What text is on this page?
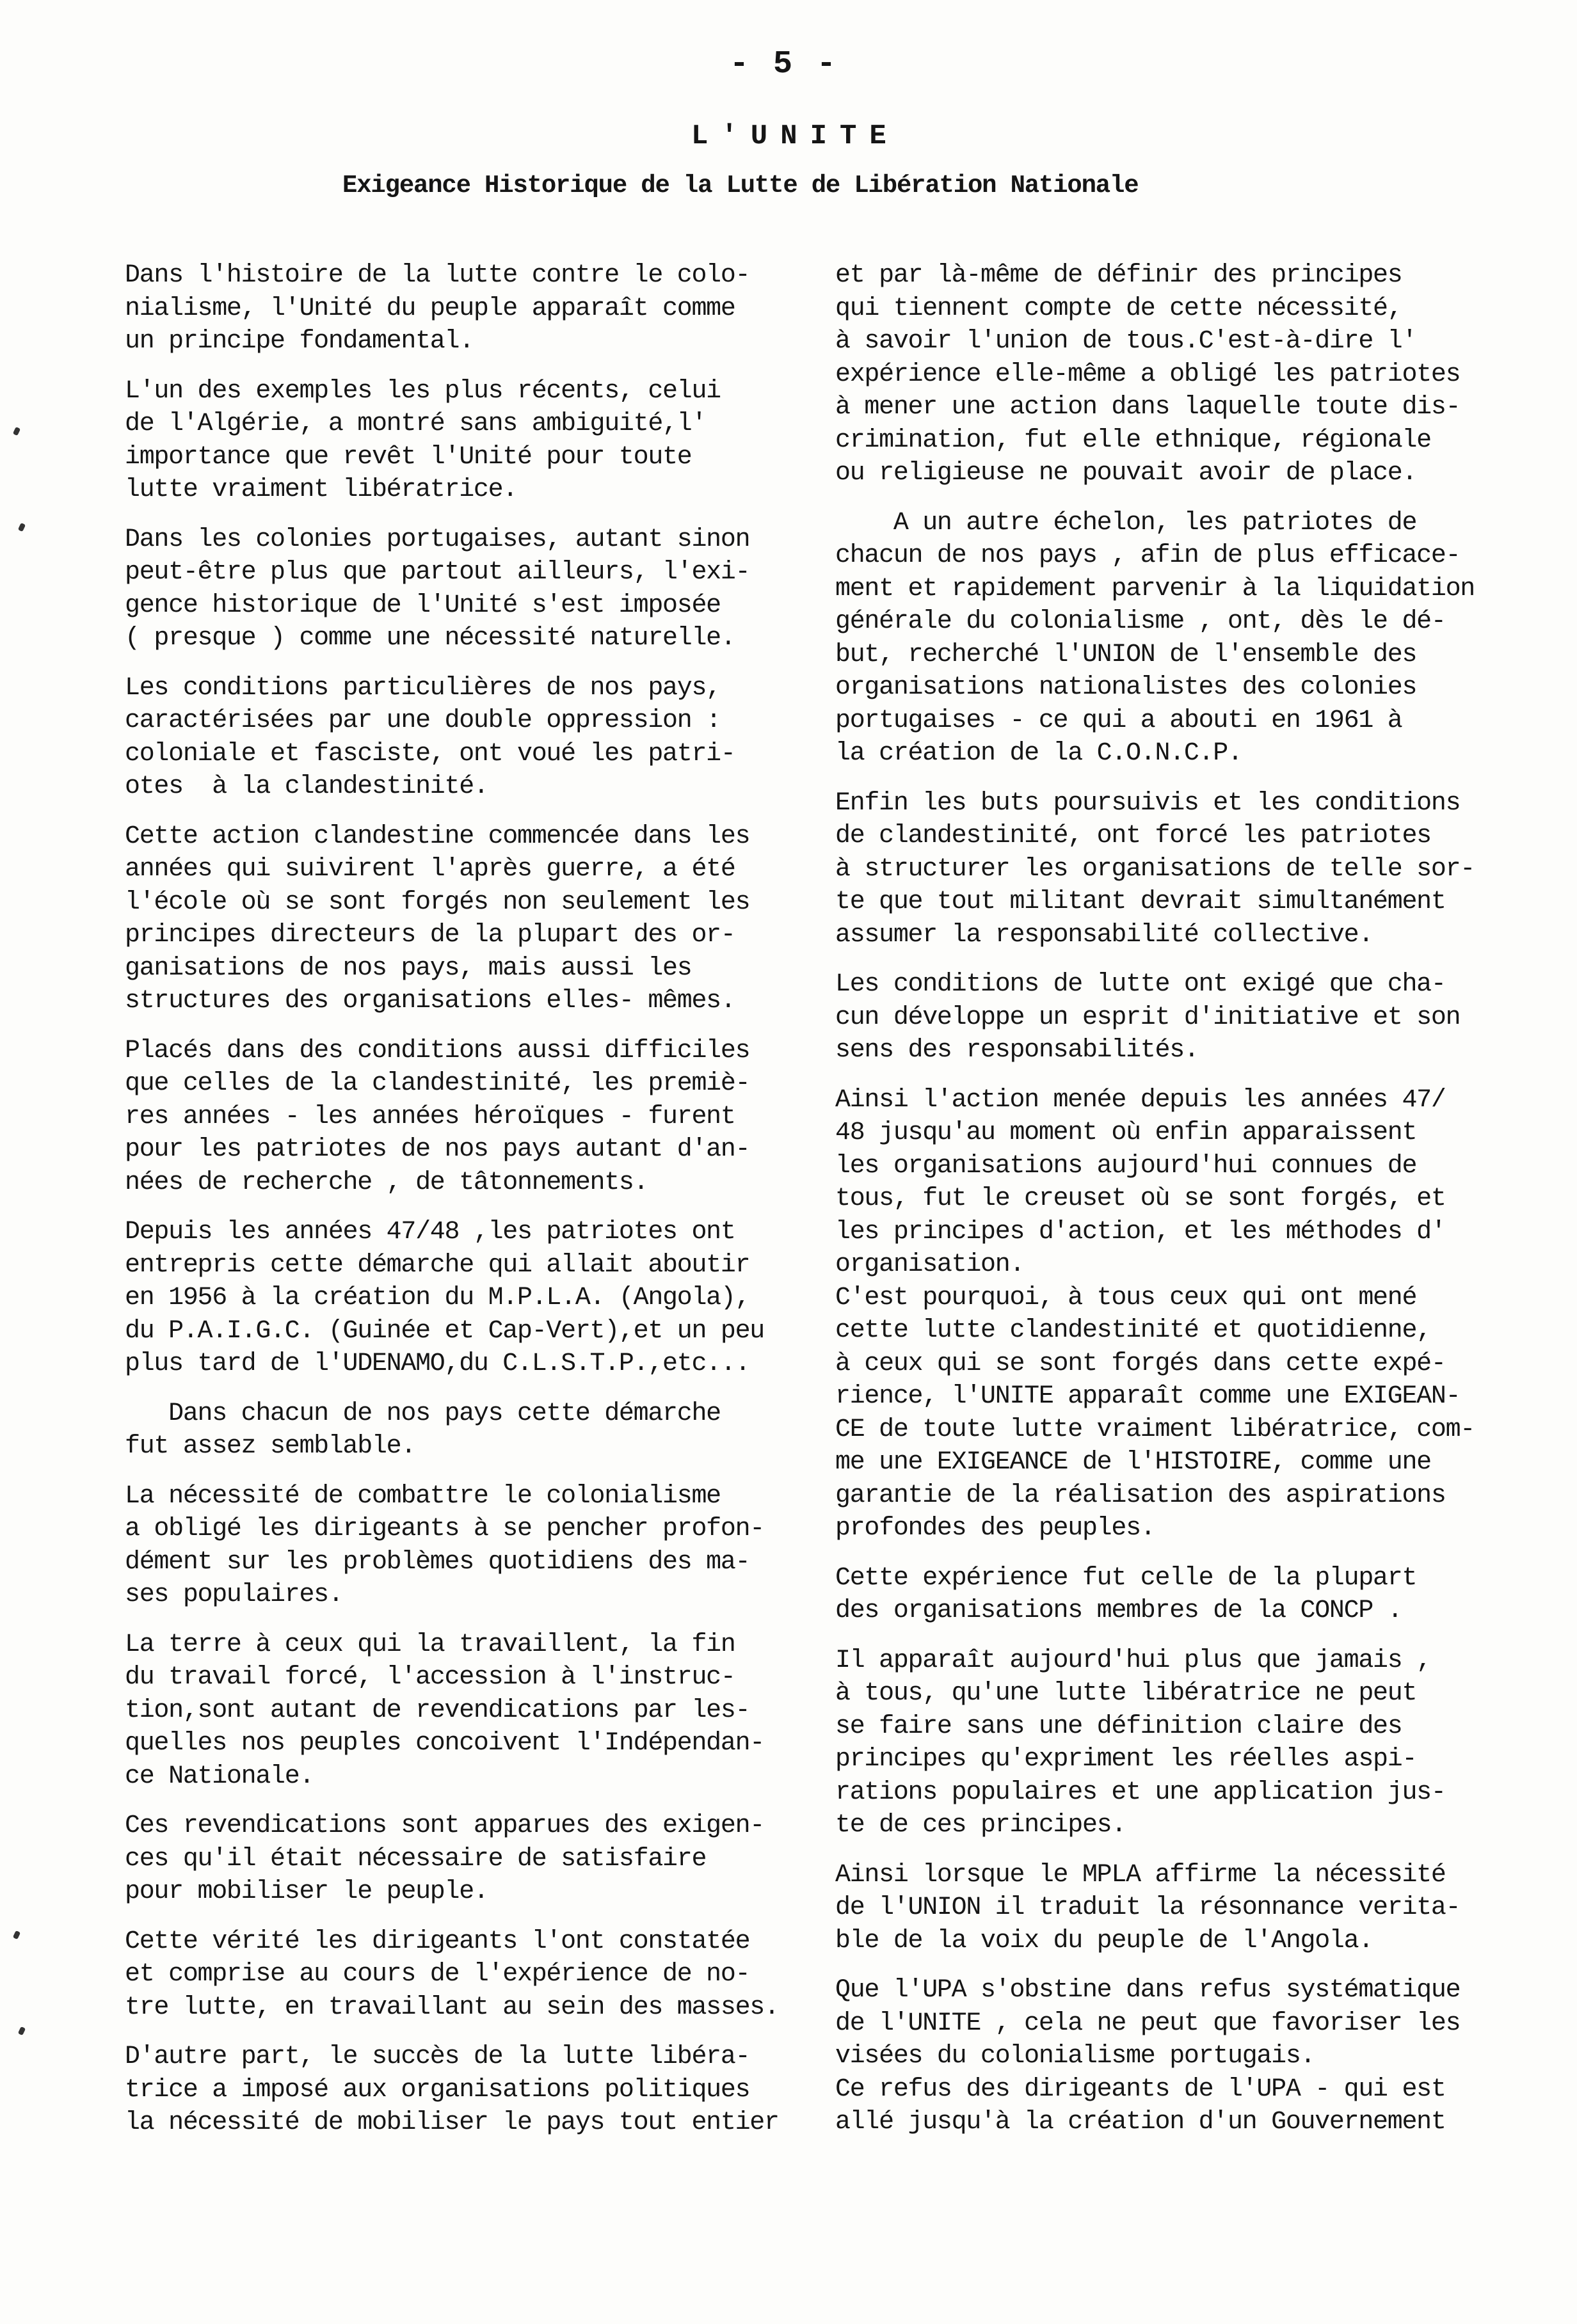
- 5 -
L'UNITE
Exigeance Historique de la Lutte de Libération Nationale

Dans l'histoire de la lutte contre le colo-
nialisme, l'Unité du peuple apparaît comme
un principe fondamental.

L'un des exemples les plus récents, celui
de l'Algérie, a montré sans ambiguité,l'
importance que revêt l'Unité pour toute
lutte vraiment libératrice.

Dans les colonies portugaises, autant sinon
peut-être plus que partout ailleurs, l'exi-
gence historique de l'Unité s'est imposée
( presque ) comme une nécessité naturelle.

Les conditions particulières de nos pays,
caractérisées par une double oppression :
coloniale et fasciste, ont voué les patri-
otes  à la clandestinité.

Cette action clandestine commencée dans les
années qui suivirent l'après guerre, a été
l'école où se sont forgés non seulement les
principes directeurs de la plupart des or-
ganisations de nos pays, mais aussi les
structures des organisations elles- mêmes.

Placés dans des conditions aussi difficiles
que celles de la clandestinité, les premiè-
res années - les années héroïques - furent
pour les patriotes de nos pays autant d'an-
nées de recherche , de tâtonnements.

Depuis les années 47/48 ,les patriotes ont
entrepris cette démarche qui allait aboutir
en 1956 à la création du M.P.L.A. (Angola),
du P.A.I.G.C. (Guinée et Cap-Vert),et un peu
plus tard de l'UDENAMO,du C.L.S.T.P.,etc...

Dans chacun de nos pays cette démarche
fut assez semblable.

La nécessité de combattre le colonialisme
a obligé les dirigeants à se pencher profon-
dément sur les problèmes quotidiens des ma-
ses populaires.

La terre à ceux qui la travaillent, la fin
du travail forcé, l'accession à l'instruc-
tion,sont autant de revendications par les-
quelles nos peuples concoivent l'Indépendan-
ce Nationale.

Ces revendications sont apparues des exigen-
ces qu'il était nécessaire de satisfaire
pour mobiliser le peuple.

Cette vérité les dirigeants l'ont constatée
et comprise au cours de l'expérience de no-
tre lutte, en travaillant au sein des masses.

D'autre part, le succès de la lutte libéra-
trice a imposé aux organisations politiques
la nécessité de mobiliser le pays tout entier

et par là-même de définir des principes
qui tiennent compte de cette nécessité,
à savoir l'union de tous.C'est-à-dire l'
expérience elle-même a obligé les patriotes
à mener une action dans laquelle toute dis-
crimination, fut elle ethnique, régionale
ou religieuse ne pouvait avoir de place.

A un autre échelon, les patriotes de
chacun de nos pays , afin de plus efficace-
ment et rapidement parvenir à la liquidation
générale du colonialisme , ont, dès le dé-
but, recherché l'UNION de l'ensemble des
organisations nationalistes des colonies
portugaises - ce qui a abouti en 1961 à
la création de la C.O.N.C.P.

Enfin les buts poursuivis et les conditions
de clandestinité, ont forcé les patriotes
à structurer les organisations de telle sor-
te que tout militant devrait simultanément
assumer la responsabilité collective.

Les conditions de lutte ont exigé que cha-
cun développe un esprit d'initiative et son
sens des responsabilités.

Ainsi l'action menée depuis les années 47/
48 jusqu'au moment où enfin apparaissent
les organisations aujourd'hui connues de
tous, fut le creuset où se sont forgés, et
les principes d'action, et les méthodes d'
organisation.
C'est pourquoi, à tous ceux qui ont mené
cette lutte clandestinité et quotidienne,
à ceux qui se sont forgés dans cette expé-
rience, l'UNITE apparaît comme une EXIGEAN-
CE de toute lutte vraiment libératrice, com-
me une EXIGEANCE de l'HISTOIRE, comme une
garantie de la réalisation des aspirations
profondes des peuples.

Cette expérience fut celle de la plupart
des organisations membres de la CONCP .

Il apparaît aujourd'hui plus que jamais ,
à tous, qu'une lutte libératrice ne peut
se faire sans une définition claire des
principes qu'expriment les réelles aspi-
rations populaires et une application jus-
te de ces principes.

Ainsi lorsque le MPLA affirme la nécessité
de l'UNION il traduit la résonnance verita-
ble de la voix du peuple de l'Angola.

Que l'UPA s'obstine dans refus systématique
de l'UNITE , cela ne peut que favoriser les
visées du colonialisme portugais.
Ce refus des dirigeants de l'UPA - qui est
allé jusqu'à la création d'un Gouvernement
